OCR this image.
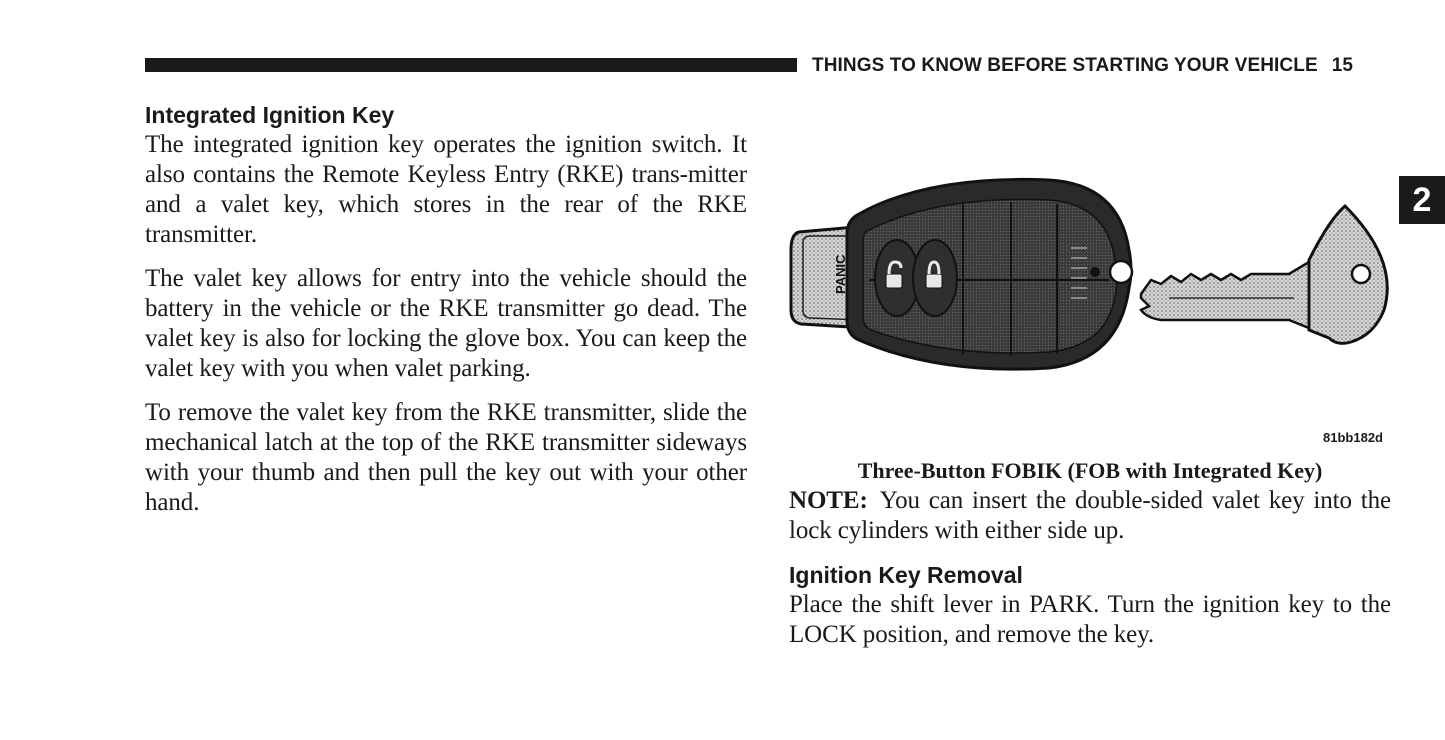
THINGS TO KNOW BEFORE STARTING YOUR VEHICLE 15
2
Integrated Ignition Key

The integrated ignition key operates the ignition switch. It also contains the Remote Keyless Entry (RKE) trans-mitter and a valet key, which stores in the rear of the RKE transmitter.

The valet key allows for entry into the vehicle should the battery in the vehicle or the RKE transmitter go dead. The valet key is also for locking the glove box. You can keep the valet key with you when valet parking.

To remove the valet key from the RKE transmitter, slide the mechanical latch at the top of the RKE transmitter sideways with your thumb and then pull the key out with your other hand.

PANIC
81bb182d
Three-Button FOBIK (FOB with Integrated Key)

NOTE: You can insert the double-sided valet key into the lock cylinders with either side up.

Ignition Key Removal

Place the shift lever in PARK. Turn the ignition key to the LOCK position, and remove the key.
